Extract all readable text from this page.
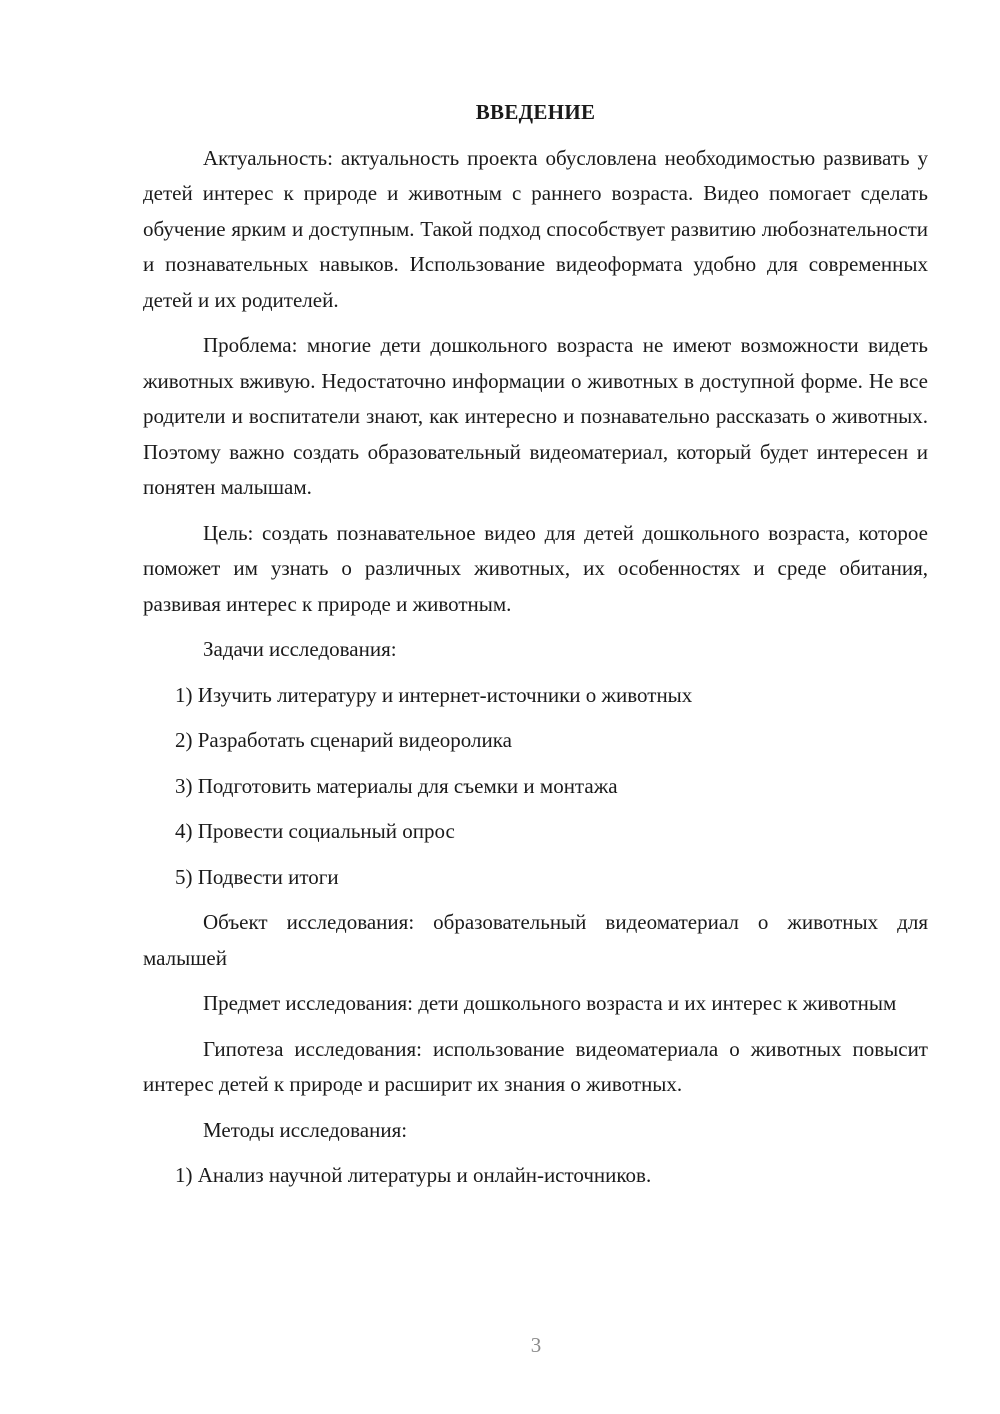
ВВЕДЕНИЕ

Актуальность: актуальность проекта обусловлена необходимостью развивать у детей интерес к природе и животным с раннего возраста. Видео помогает сделать обучение ярким и доступным. Такой подход способствует развитию любознательности и познавательных навыков. Использование видеоформата удобно для современных детей и их родителей.

Проблема: многие дети дошкольного возраста не имеют возможности видеть животных вживую. Недостаточно информации о животных в доступной форме. Не все родители и воспитатели знают, как интересно и познавательно рассказать о животных. Поэтому важно создать образовательный видеоматериал, который будет интересен и понятен малышам.

Цель: создать познавательное видео для детей дошкольного возраста, которое поможет им узнать о различных животных, их особенностях и среде обитания, развивая интерес к природе и животным.

Задачи исследования:
1) Изучить литературу и интернет-источники о животных
2) Разработать сценарий видеоролика
3) Подготовить материалы для съемки и монтажа
4) Провести социальный опрос
5) Подвести итоги

Объект исследования: образовательный видеоматериал о животных для малышей

Предмет исследования: дети дошкольного возраста и их интерес к животным

Гипотеза исследования: использование видеоматериала о животных повысит интерес детей к природе и расширит их знания о животных.

Методы исследования:
1) Анализ научной литературы и онлайн-источников.
3
